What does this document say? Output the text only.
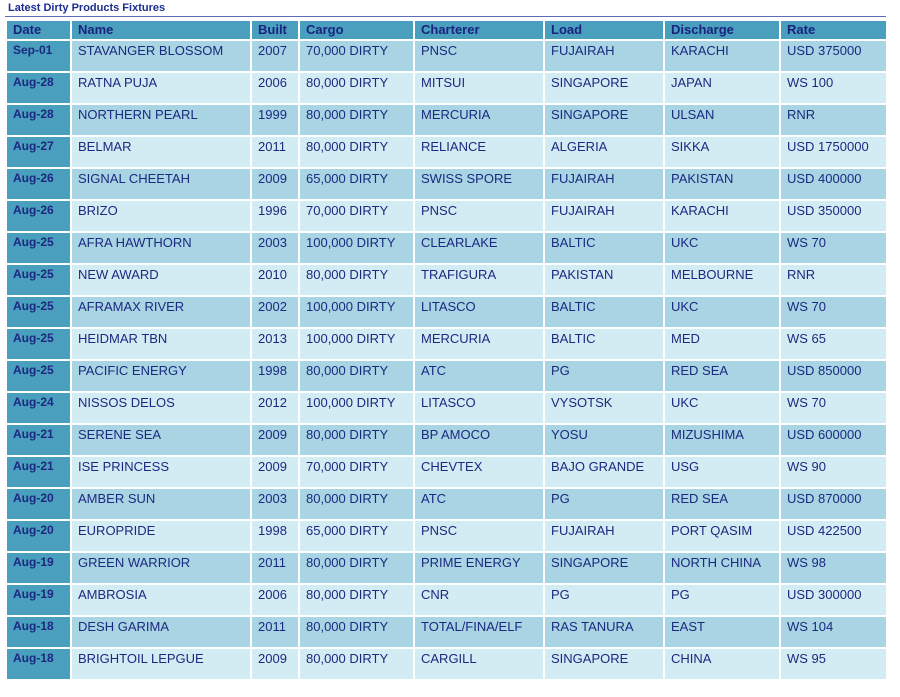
Latest Dirty Products Fixtures
Date	Name	Built	Cargo	Charterer	Load	Discharge	Rate
Sep-01	STAVANGER BLOSSOM	2007	70,000 DIRTY	PNSC	FUJAIRAH	KARACHI	USD 375000
Aug-28	RATNA PUJA	2006	80,000 DIRTY	MITSUI	SINGAPORE	JAPAN	WS 100
Aug-28	NORTHERN PEARL	1999	80,000 DIRTY	MERCURIA	SINGAPORE	ULSAN	RNR
Aug-27	BELMAR	2011	80,000 DIRTY	RELIANCE	ALGERIA	SIKKA	USD 1750000
Aug-26	SIGNAL CHEETAH	2009	65,000 DIRTY	SWISS SPORE	FUJAIRAH	PAKISTAN	USD 400000
Aug-26	BRIZO	1996	70,000 DIRTY	PNSC	FUJAIRAH	KARACHI	USD 350000
Aug-25	AFRA HAWTHORN	2003	100,000 DIRTY	CLEARLAKE	BALTIC	UKC	WS 70
Aug-25	NEW AWARD	2010	80,000 DIRTY	TRAFIGURA	PAKISTAN	MELBOURNE	RNR
Aug-25	AFRAMAX RIVER	2002	100,000 DIRTY	LITASCO	BALTIC	UKC	WS 70
Aug-25	HEIDMAR TBN	2013	100,000 DIRTY	MERCURIA	BALTIC	MED	WS 65
Aug-25	PACIFIC ENERGY	1998	80,000 DIRTY	ATC	PG	RED SEA	USD 850000
Aug-24	NISSOS DELOS	2012	100,000 DIRTY	LITASCO	VYSOTSK	UKC	WS 70
Aug-21	SERENE SEA	2009	80,000 DIRTY	BP AMOCO	YOSU	MIZUSHIMA	USD 600000
Aug-21	ISE PRINCESS	2009	70,000 DIRTY	CHEVTEX	BAJO GRANDE	USG	WS 90
Aug-20	AMBER SUN	2003	80,000 DIRTY	ATC	PG	RED SEA	USD 870000
Aug-20	EUROPRIDE	1998	65,000 DIRTY	PNSC	FUJAIRAH	PORT QASIM	USD 422500
Aug-19	GREEN WARRIOR	2011	80,000 DIRTY	PRIME ENERGY	SINGAPORE	NORTH CHINA	WS 98
Aug-19	AMBROSIA	2006	80,000 DIRTY	CNR	PG	PG	USD 300000
Aug-18	DESH GARIMA	2011	80,000 DIRTY	TOTAL/FINA/ELF	RAS TANURA	EAST	WS 104
Aug-18	BRIGHTOIL LEPGUE	2009	80,000 DIRTY	CARGILL	SINGAPORE	CHINA	WS 95
